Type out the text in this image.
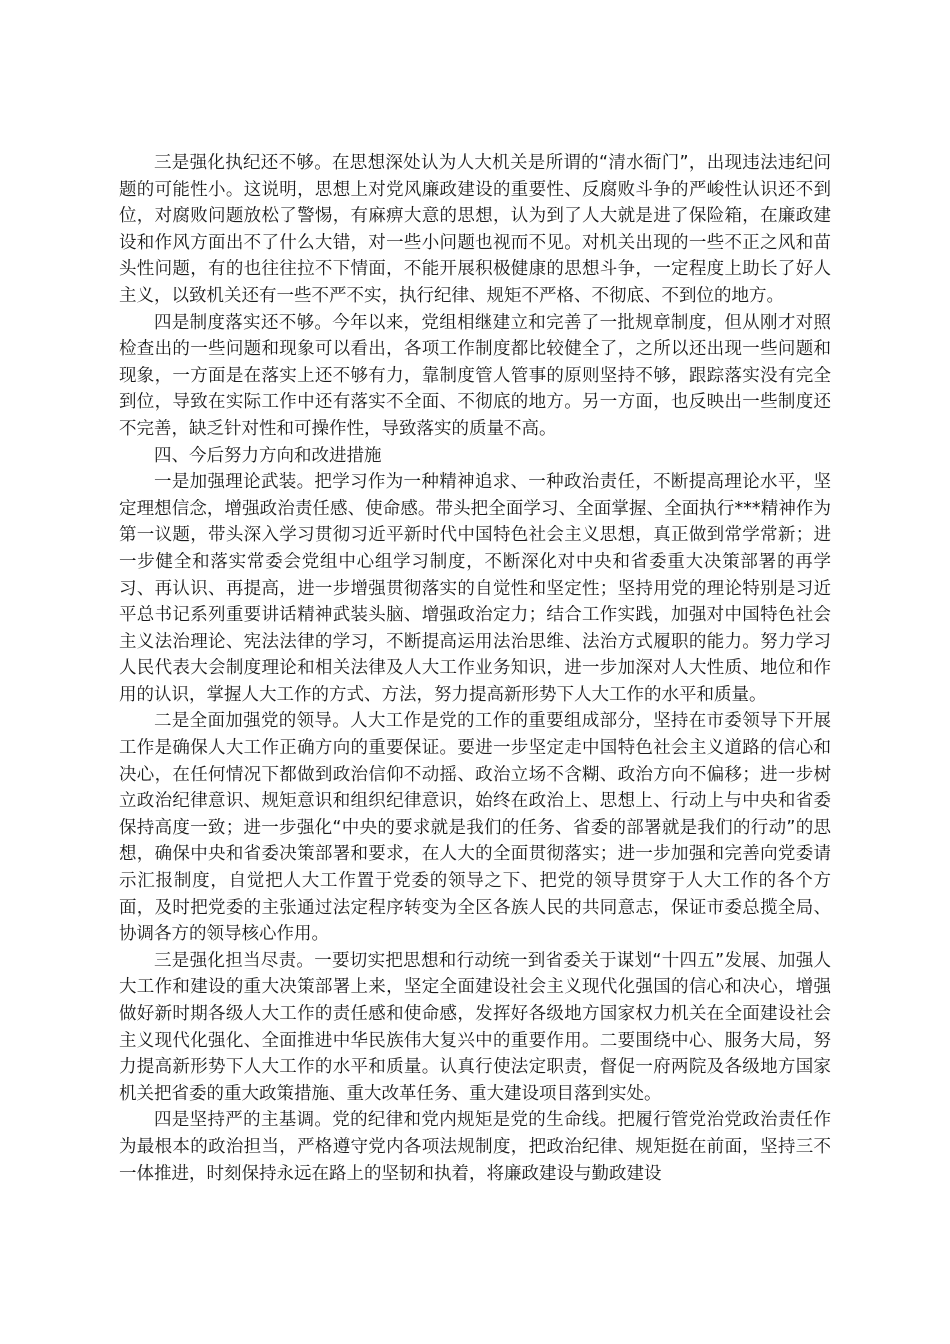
三是强化执纪还不够。在思想深处认为人大机关是所谓的“清水衙门”，出现违法违纪问题的可能性小。这说明，思想上对党风廉政建设的重要性、反腐败斗争的严峻性认识还不到位，对腐败问题放松了警惕，有麻痹大意的思想，认为到了人大就是进了保险箱，在廉政建设和作风方面出不了什么大错，对一些小问题也视而不见。对机关出现的一些不正之风和苗头性问题，有的也往往拉不下情面，不能开展积极健康的思想斗争，一定程度上助长了好人主义，以致机关还有一些不严不实，执行纪律、规矩不严格、不彻底、不到位的地方。

四是制度落实还不够。今年以来，党组相继建立和完善了一批规章制度，但从刚才对照检查出的一些问题和现象可以看出，各项工作制度都比较健全了，之所以还出现一些问题和现象，一方面是在落实上还不够有力，靠制度管人管事的原则坚持不够，跟踪落实没有完全到位，导致在实际工作中还有落实不全面、不彻底的地方。另一方面，也反映出一些制度还不完善，缺乏针对性和可操作性，导致落实的质量不高。

四、今后努力方向和改进措施

一是加强理论武装。把学习作为一种精神追求、一种政治责任，不断提高理论水平，坚定理想信念，增强政治责任感、使命感。带头把全面学习、全面掌握、全面执行***精神作为第一议题，带头深入学习贯彻习近平新时代中国特色社会主义思想，真正做到常学常新；进一步健全和落实常委会党组中心组学习制度，不断深化对中央和省委重大决策部署的再学习、再认识、再提高，进一步增强贯彻落实的自觉性和坚定性；坚持用党的理论特别是习近平总书记系列重要讲话精神武装头脑、增强政治定力；结合工作实践，加强对中国特色社会主义法治理论、宪法法律的学习，不断提高运用法治思维、法治方式履职的能力。努力学习人民代表大会制度理论和相关法律及人大工作业务知识，进一步加深对人大性质、地位和作用的认识，掌握人大工作的方式、方法，努力提高新形势下人大工作的水平和质量。

二是全面加强党的领导。人大工作是党的工作的重要组成部分，坚持在市委领导下开展工作是确保人大工作正确方向的重要保证。要进一步坚定走中国特色社会主义道路的信心和决心，在任何情况下都做到政治信仰不动摇、政治立场不含糊、政治方向不偏移；进一步树立政治纪律意识、规矩意识和组织纪律意识，始终在政治上、思想上、行动上与中央和省委保持高度一致；进一步强化“中央的要求就是我们的任务、省委的部署就是我们的行动”的思想，确保中央和省委决策部署和要求，在人大的全面贯彻落实；进一步加强和完善向党委请示汇报制度，自觉把人大工作置于党委的领导之下、把党的领导贯穿于人大工作的各个方面，及时把党委的主张通过法定程序转变为全区各族人民的共同意志，保证市委总揽全局、协调各方的领导核心作用。

三是强化担当尽责。一要切实把思想和行动统一到省委关于谋划“十四五”发展、加强人大工作和建设的重大决策部署上来，坚定全面建设社会主义现代化强国的信心和决心，增强做好新时期各级人大工作的责任感和使命感，发挥好各级地方国家权力机关在全面建设社会主义现代化强化、全面推进中华民族伟大复兴中的重要作用。二要围绕中心、服务大局，努力提高新形势下人大工作的水平和质量。认真行使法定职责，督促一府两院及各级地方国家机关把省委的重大政策措施、重大改革任务、重大建设项目落到实处。

四是坚持严的主基调。党的纪律和党内规矩是党的生命线。把履行管党治党政治责任作为最根本的政治担当，严格遵守党内各项法规制度，把政治纪律、规矩挺在前面，坚持三不一体推进，时刻保持永远在路上的坚韧和执着，将廉政建设与勤政建设
